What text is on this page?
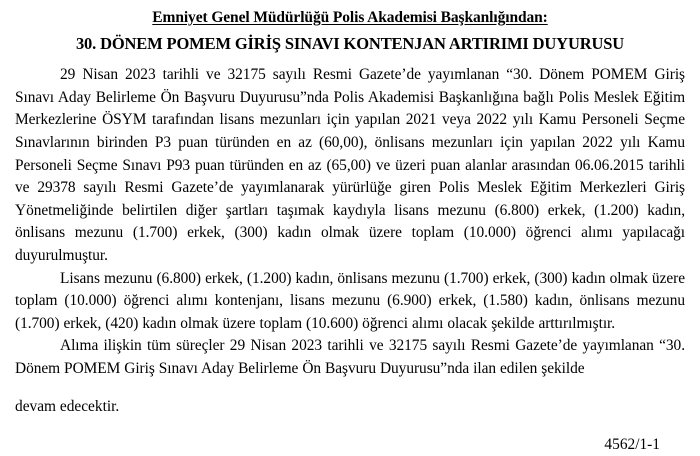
Emniyet Genel Müdürlüğü Polis Akademisi Başkanlığından:
30. DÖNEM POMEM GİRİŞ SINAVI KONTENJAN ARTIRIMI DUYURUSU

29 Nisan 2023 tarihli ve 32175 sayılı Resmi Gazete’de yayımlanan “30. Dönem POMEM Giriş Sınavı Aday Belirleme Ön Başvuru Duyurusu”nda Polis Akademisi Başkanlığına bağlı Polis Meslek Eğitim Merkezlerine ÖSYM tarafından lisans mezunları için yapılan 2021 veya 2022 yılı Kamu Personeli Seçme Sınavlarının birinden P3 puan türünden en az (60,00), önlisans mezunları için yapılan 2022 yılı Kamu Personeli Seçme Sınavı P93 puan türünden en az (65,00) ve üzeri puan alanlar arasından 06.06.2015 tarihli ve 29378 sayılı Resmi Gazete’de yayımlanarak yürürlüğe giren Polis Meslek Eğitim Merkezleri Giriş Yönetmeliğinde belirtilen diğer şartları taşımak kaydıyla lisans mezunu (6.800) erkek, (1.200) kadın, önlisans mezunu (1.700) erkek, (300) kadın olmak üzere toplam (10.000) öğrenci alımı yapılacağı duyurulmuştur.

Lisans mezunu (6.800) erkek, (1.200) kadın, önlisans mezunu (1.700) erkek, (300) kadın olmak üzere toplam (10.000) öğrenci alımı kontenjanı, lisans mezunu (6.900) erkek, (1.580) kadın, önlisans mezunu (1.700) erkek, (420) kadın olmak üzere toplam (10.600) öğrenci alımı olacak şekilde arttırılmıştır.

Alıma ilişkin tüm süreçler 29 Nisan 2023 tarihli ve 32175 sayılı Resmi Gazete’de yayımlanan “30. Dönem POMEM Giriş Sınavı Aday Belirleme Ön Başvuru Duyurusu”nda ilan edilen şekilde

devam edecektir.

4562/1-1
